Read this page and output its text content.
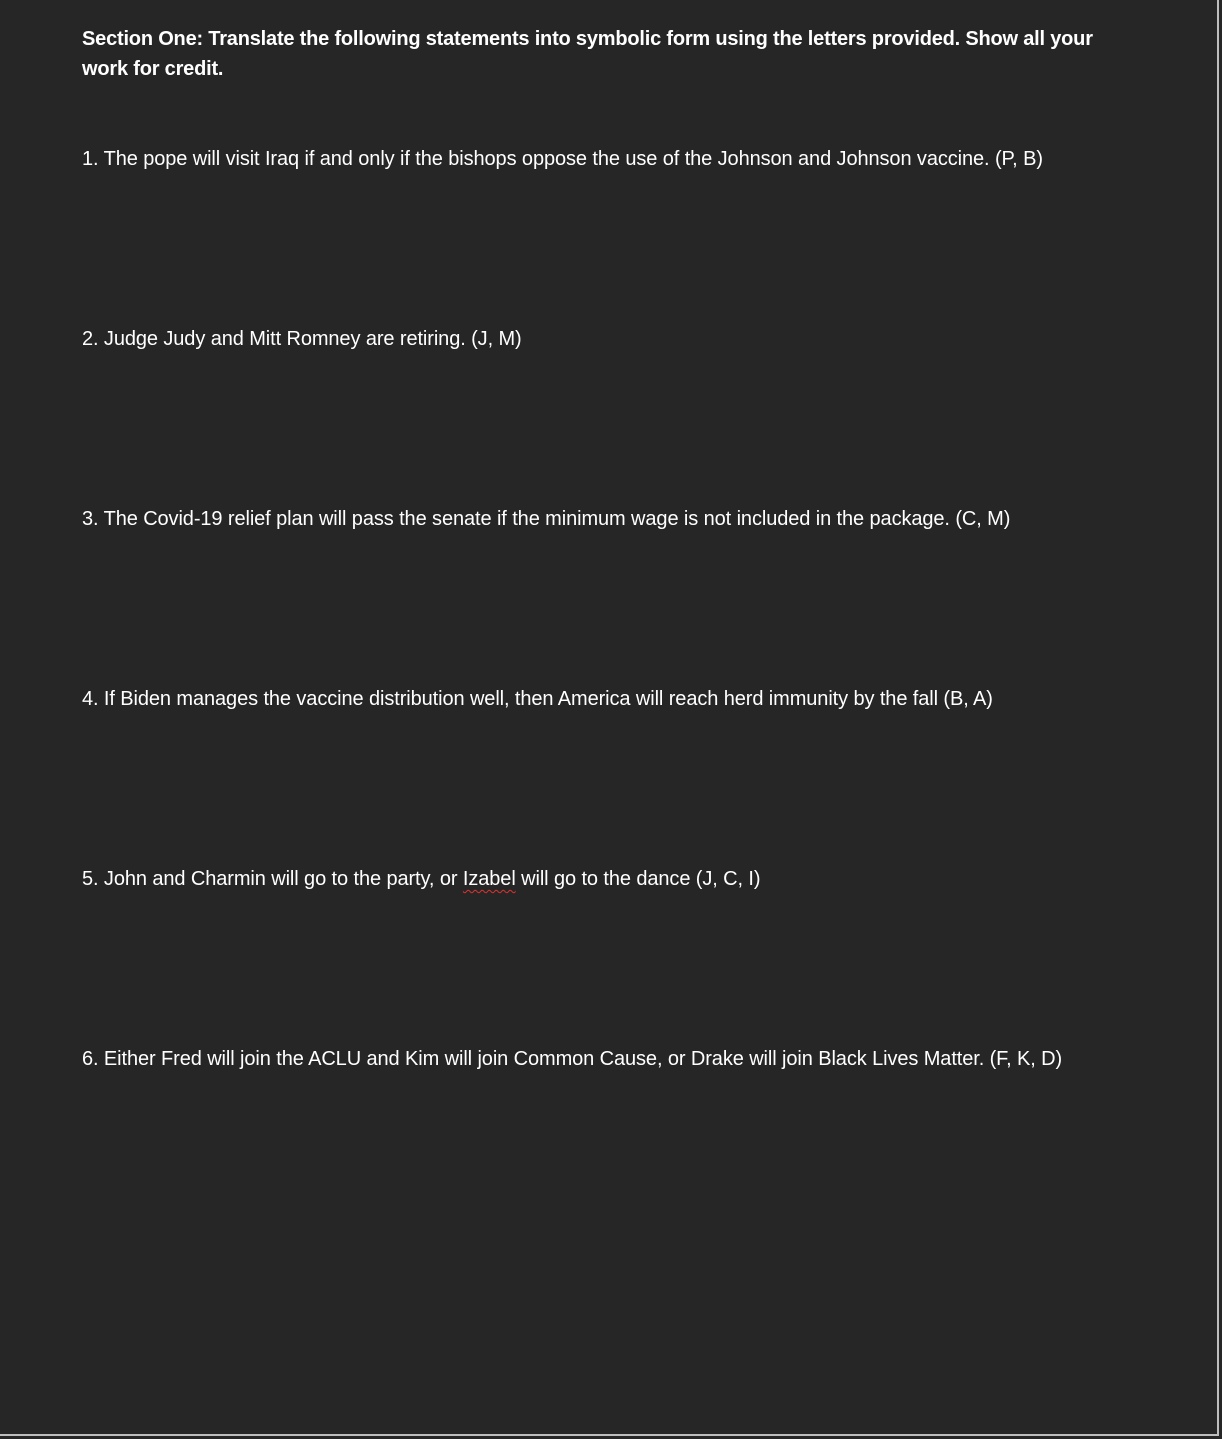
Section One: Translate the following statements into symbolic form using the letters provided. Show all your work for credit.
1. The pope will visit Iraq if and only if the bishops oppose the use of the Johnson and Johnson vaccine. (P, B)
2. Judge Judy and Mitt Romney are retiring. (J, M)
3. The Covid-19 relief plan will pass the senate if the minimum wage is not included in the package. (C, M)
4. If Biden manages the vaccine distribution well, then America will reach herd immunity by the fall (B, A)
5. John and Charmin will go to the party, or Izabel will go to the dance (J, C, I)
6. Either Fred will join the ACLU and Kim will join Common Cause, or Drake will join Black Lives Matter. (F, K, D)
